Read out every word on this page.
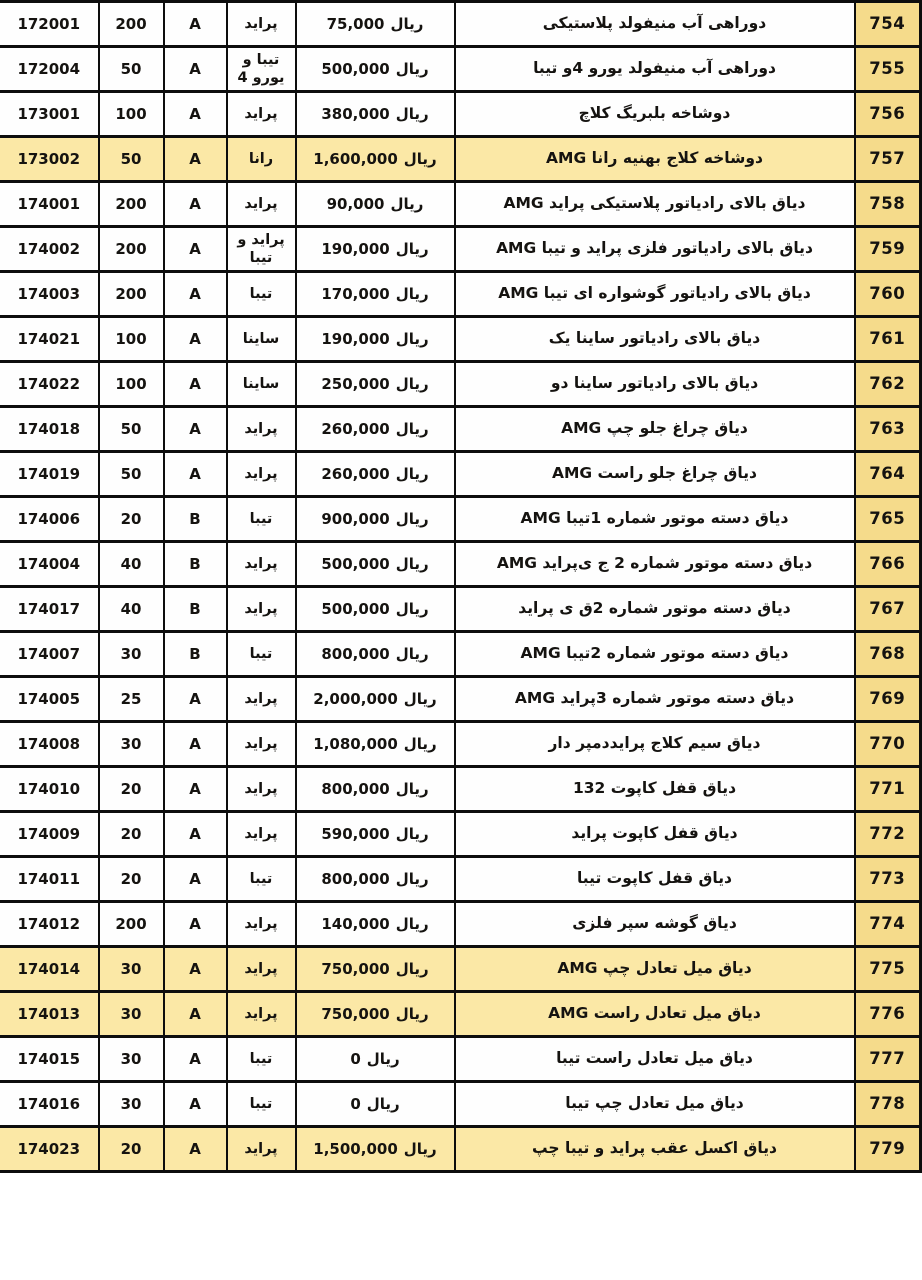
754	دوراهی آب منیفولد پلاستیکی	ریال75,000	پراید	A	200	172001
755	دوراهی آب منیفولد یورو 4و تیبا	ریال500,000	تیبا و یورو 4	A	50	172004
756	دوشاخه بلبریگ کلاچ	ریال380,000	پراید	A	100	173001
757	دوشاخه کلاج بهنیه رانا AMG	ریال1,600,000	رانا	A	50	173002
758	دیاق بالای رادیاتور پلاستیکی پراید AMG	ریال90,000	پراید	A	200	174001
759	دیاق بالای رادیاتور فلزی پراید و تیبا AMG	ریال190,000	پراید و تیبا	A	200	174002
760	دیاق بالای رادیاتور گوشواره ای تیبا AMG	ریال170,000	تیبا	A	200	174003
761	دیاق بالای رادیاتور ساینا یک	ریال190,000	ساینا	A	100	174021
762	دیاق بالای رادیاتور ساینا دو	ریال250,000	ساینا	A	100	174022
763	دیاق چراغ جلو چپ AMG	ریال260,000	پراید	A	50	174018
764	دیاق چراغ جلو راست AMG	ریال260,000	پراید	A	50	174019
765	دیاق دسته موتور شماره 1تیبا AMG	ریال900,000	تیبا	B	20	174006
766	دیاق دسته موتور شماره 2 ج ی‌پراید AMG	ریال500,000	پراید	B	40	174004
767	دیاق دسته موتور شماره 2ق ی پراید	ریال500,000	پراید	B	40	174017
768	دیاق دسته موتور شماره 2تیبا AMG	ریال800,000	تیبا	B	30	174007
769	دیاق دسته موتور شماره 3پراید AMG	ریال2,000,000	پراید	A	25	174005
770	دیاق سیم کلاج پرایددمپر دار	ریال1,080,000	پراید	A	30	174008
771	دیاق قفل کاپوت 132	ریال800,000	پراید	A	20	174010
772	دیاق قفل کاپوت پراید	ریال590,000	پراید	A	20	174009
773	دیاق قفل کاپوت تیبا	ریال800,000	تیبا	A	20	174011
774	دیاق گوشه سپر فلزی	ریال140,000	پراید	A	200	174012
775	دیاق میل تعادل چپ AMG	ریال750,000	پراید	A	30	174014
776	دیاق میل تعادل راست AMG	ریال750,000	پراید	A	30	174013
777	دیاق میل تعادل راست تیبا	ریال0	تیبا	A	30	174015
778	دیاق میل تعادل چپ تیبا	ریال0	تیبا	A	30	174016
779	دیاق اکسل عقب پراید و تیبا چپ	ریال1,500,000	پراید	A	20	174023
